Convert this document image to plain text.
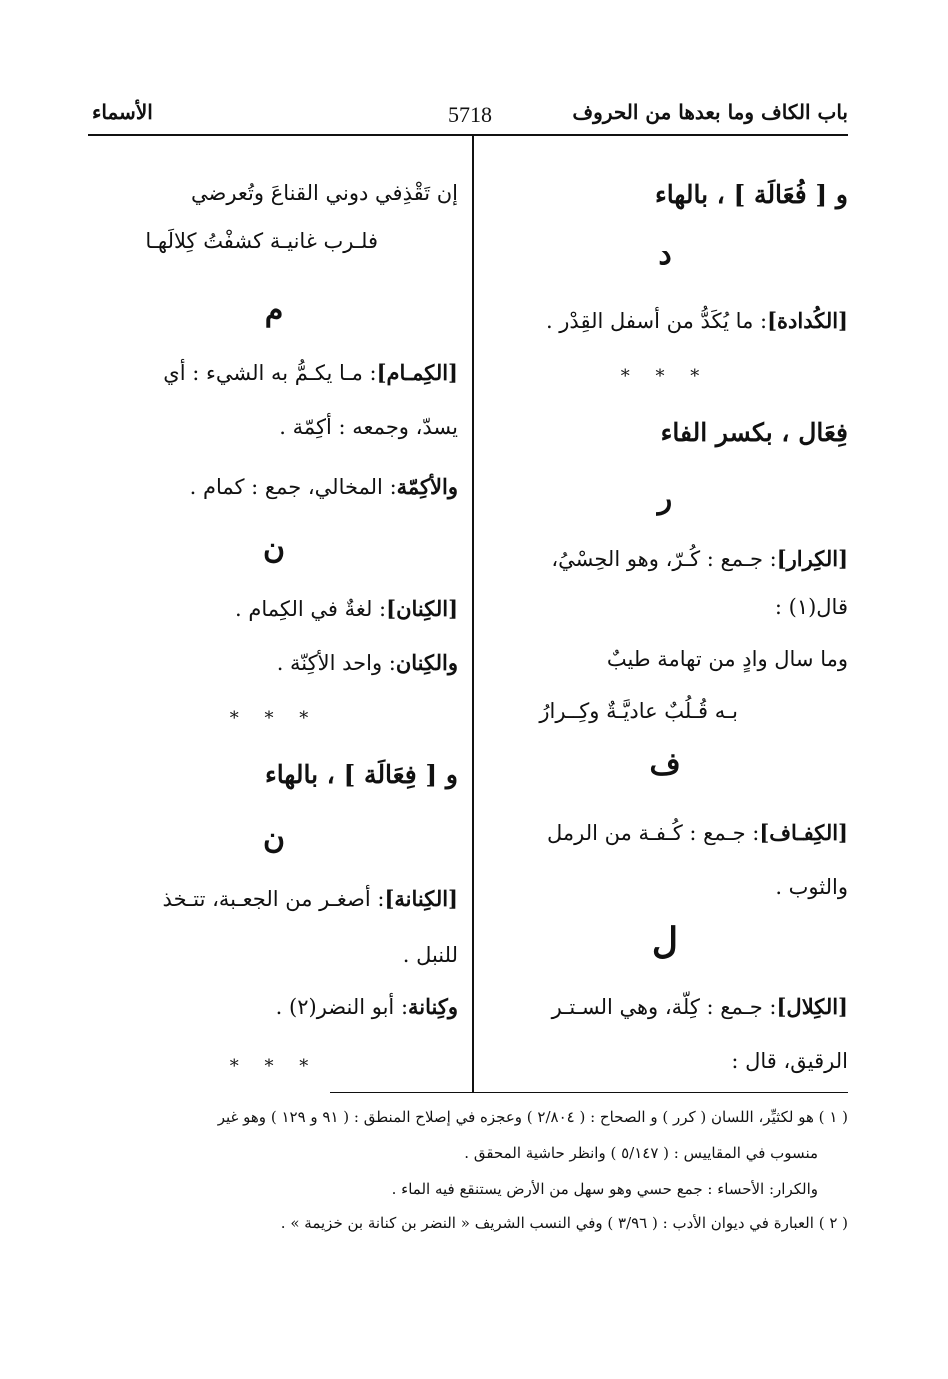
باب الكاف وما بعدها من الحروف
5718
الأسماء
و [ فُعَالَة ] ، بالهاء
د
[الكُدادة]: ما يُكَدُّ من أسفل القِدْر .
* * *
فِعَال ، بكسر الفاء
ر
[الكِرار]: جـمع : كُـرّ، وهو الحِسْيُ،
قال(١) :
وما سال وادٍ من تهامة طيبٌ
بـه قُـلُبٌ عاديَّـةٌ وكِــرارُ
ف
[الكِفـاف]: جـمع : كُـفـة من الرمل
والثوب .
ل
[الكِلال]: جـمع : كِلّة، وهي السـتـر
الرقيق، قال :
إن تَقْذِفي دوني القناعَ وتُعرضي
فلـرب غانيـة كشفْتُ كِلالَهـا
م
[الكِمـام]: مـا يكـمُّ به الشيء : أي
يسدّ، وجمعه : أكِمّة .
والأكِمّة: المخالي، جمع : كمام .
ن
[الكِنان]: لغةٌ في الكِمام .
والكِنان: واحد الأكِنّة .
* * *
و [ فِعَالَة ] ، بالهاء
ن
[الكِنانة]: أصغـر من الجعـبة، تتـخذ
للنبل .
وكِنانة: أبو النضر(٢) .
* * *
( ١ ) هو لكثيِّر، اللسان ( كرر ) و الصحاح : ( ٢/٨٠٤ ) وعجزه في إصلاح المنطق : ( ٩١ و ١٢٩ ) وهو غير
منسوب في المقاييس : ( ٥/١٤٧ ) وانظر حاشية المحقق .
والكرار: الأحساء : جمع حسي وهو سهل من الأرض يستنقع فيه الماء .
( ٢ ) العبارة في ديوان الأدب : ( ٣/٩٦ ) وفي النسب الشريف « النضر بن كنانة بن خزيمة » .
